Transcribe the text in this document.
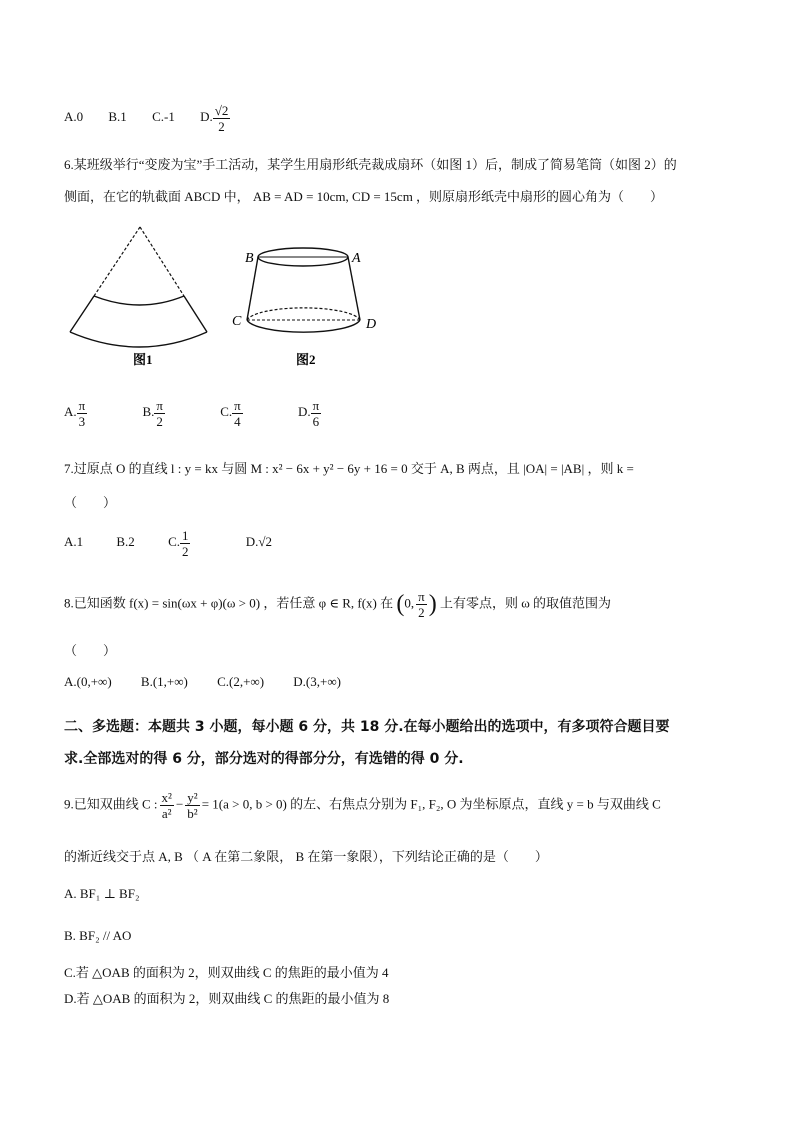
A.0 B.1 C.-1 D. $\frac{√2}{2}$
6.某班级举行“变废为宝”手工活动，某学生用扇形纸壳裁成扇环（如图 1）后，制成了简易笔筒（如图 2）的
侧面，在它的轨截面 ABCD 中， AB = AD = 10cm, CD = 15cm ，则原扇形纸壳中扇形的圆心角为（　　）
图1
B	A
C	D
图2
A. $\frac{\pi}{3}$	B. $\frac{\pi}{2}$	C. $\frac{\pi}{4}$	D. $\frac{\pi}{6}$
7.过原点 O 的直线 l : y = kx 与圆 M : x² − 6x + y² − 6y + 16 = 0 交于 A, B 两点，且 |OA| = |AB| ，则 k =
（　　）
A.1	B.2	C. $\frac{1}{2}$	D.√2
8.已知函数 f(x) = sin(ωx + φ)(ω > 0) ，若任意 φ ∈ R, f(x) 在 (0, $\frac{\pi}{2}$ ) 上有零点，则 ω 的取值范围为
（　　）
A.(0,+∞) B.(1,+∞) C.(2,+∞) D.(3,+∞)
二、多选题：本题共 3 小题，每小题 6 分，共 18 分.在每小题给出的选项中，有多项符合题目要
求.全部选对的得 6 分，部分选对的得部分分，有选错的得 0 分.
9.已知双曲线 C : $\frac{\text{x²}}{\text{a²}} - \frac{\text{y²}}{\text{b²}} = 1(a > 0$, b > 0) 的左、右焦点分别为 F₁, F₂, O 为坐标原点，直线 y = b 与双曲线 C
的渐近线交于点 A, B （ A 在第二象限， B 在第一象限），下列结论正确的是（　　）
A. BF₁ ⊥ BF₂
B. BF₂ // AO
C.若 △OAB 的面积为 2，则双曲线 C 的焦距的最小值为 4
D.若 △OAB 的面积为 2，则双曲线 C 的焦距的最小值为 8
